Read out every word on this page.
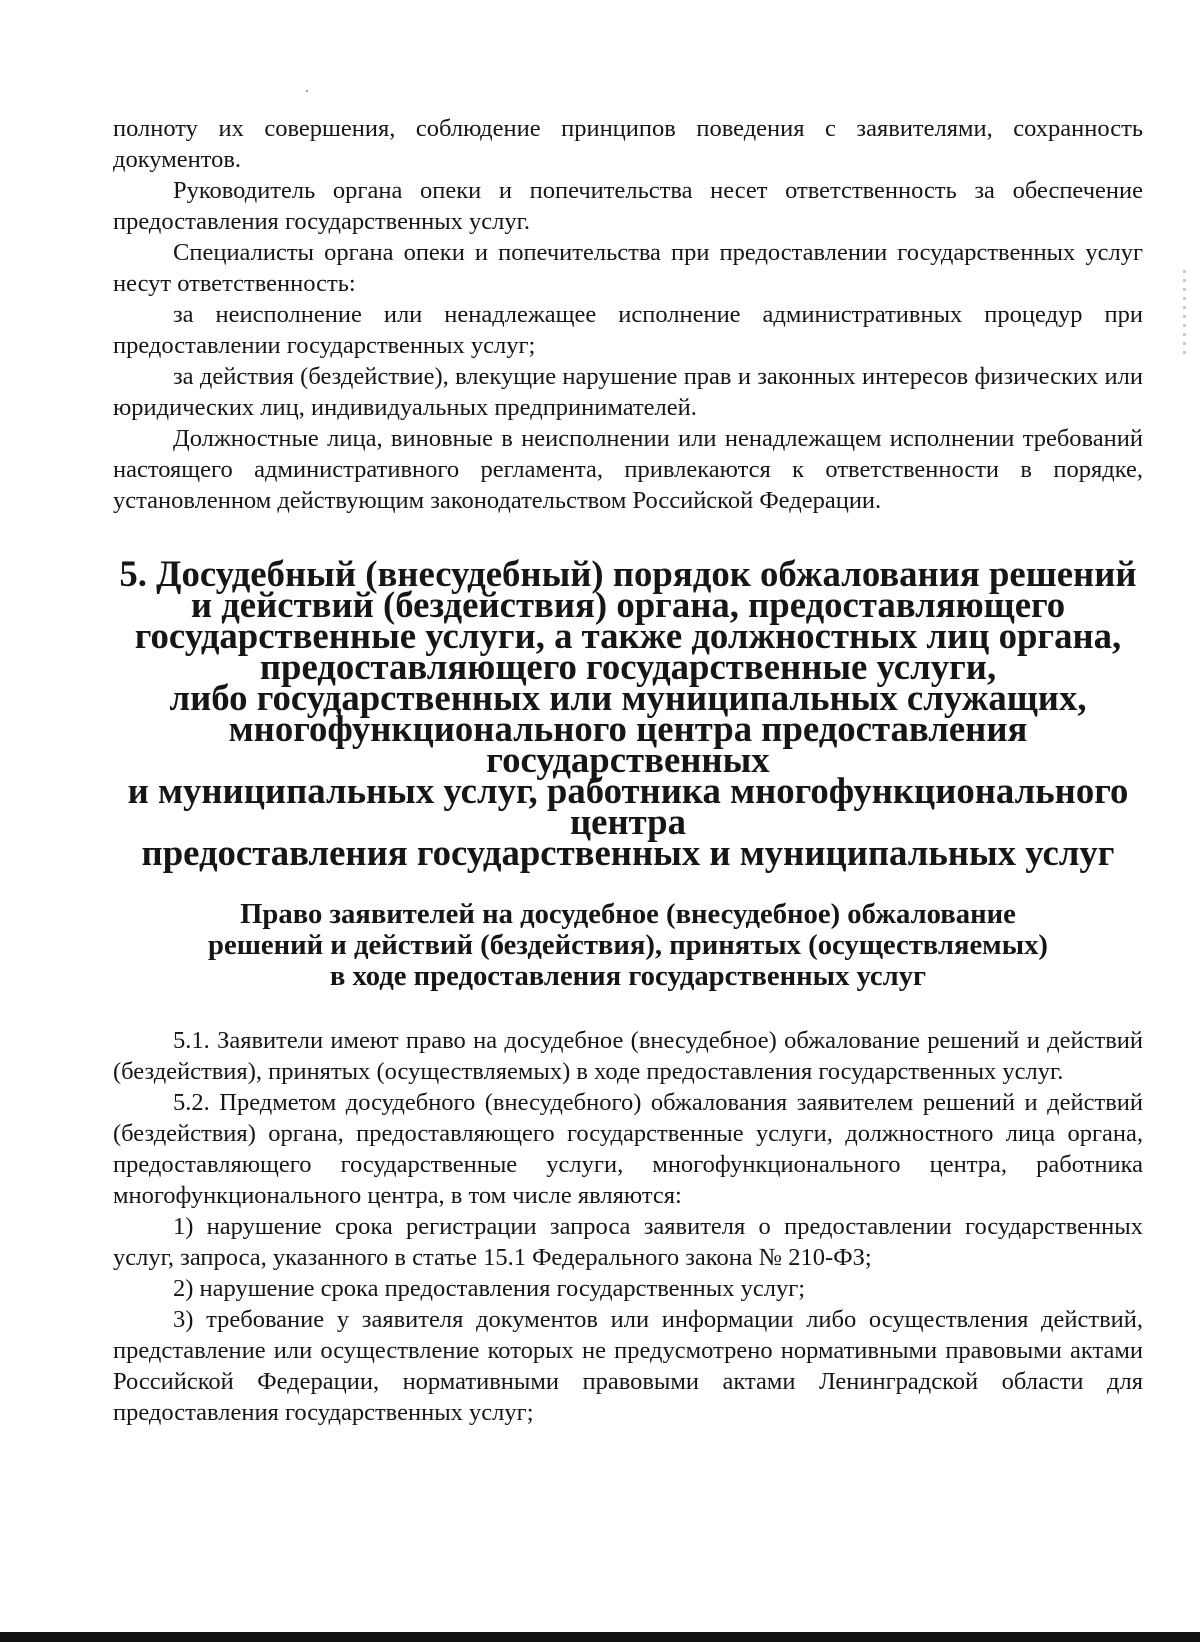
полноту их совершения, соблюдение принципов поведения с заявителями, сохранность документов.

Руководитель органа опеки и попечительства несет ответственность за обеспечение предоставления государственных услуг.

Специалисты органа опеки и попечительства при предоставлении государственных услуг несут ответственность:

за неисполнение или ненадлежащее исполнение административных процедур при предоставлении государственных услуг;

за действия (бездействие), влекущие нарушение прав и законных интересов физических или юридических лиц, индивидуальных предпринимателей.

Должностные лица, виновные в неисполнении или ненадлежащем исполнении требований настоящего административного регламента, привлекаются к ответственности в порядке, установленном действующим законодательством Российской Федерации.

5. Досудебный (внесудебный) порядок обжалования решений
и действий (бездействия) органа, предоставляющего
государственные услуги, а также должностных лиц органа,
предоставляющего государственные услуги,
либо государственных или муниципальных служащих,
многофункционального центра предоставления государственных
и муниципальных услуг, работника многофункционального центра
предоставления государственных и муниципальных услуг
Право заявителей на досудебное (внесудебное) обжалование
решений и действий (бездействия), принятых (осуществляемых)
в ходе предоставления государственных услуг

5.1. Заявители имеют право на досудебное (внесудебное) обжалование решений и действий (бездействия), принятых (осуществляемых) в ходе предоставления государственных услуг.

5.2. Предметом досудебного (внесудебного) обжалования заявителем решений и действий (бездействия) органа, предоставляющего государственные услуги, должностного лица органа, предоставляющего государственные услуги, многофункционального центра, работника многофункционального центра, в том числе являются:

1) нарушение срока регистрации запроса заявителя о предоставлении государственных услуг, запроса, указанного в статье 15.1 Федерального закона № 210-ФЗ;

2) нарушение срока предоставления государственных услуг;

3) требование у заявителя документов или информации либо осуществления действий, представление или осуществление которых не предусмотрено нормативными правовыми актами Российской Федерации, нормативными правовыми актами Ленинградской области для предоставления государственных услуг;
